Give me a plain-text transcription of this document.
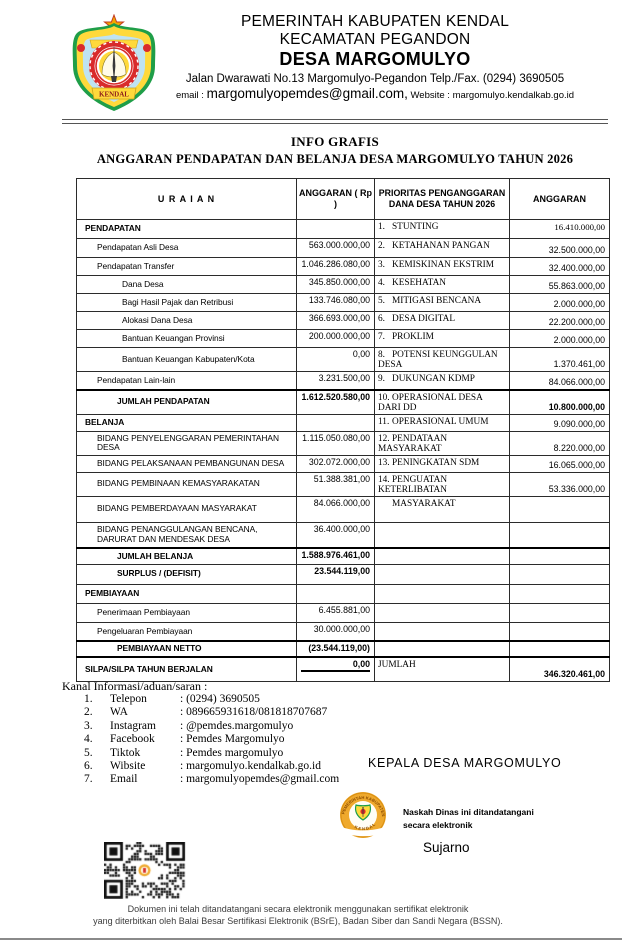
KENDAL
PEMERINTAH KABUPATEN KENDAL
KECAMATAN PEGANDON
DESA MARGOMULYO
Jalan Dwarawati No.13 Margomulyo-Pegandon Telp./Fax. (0294) 3690505
email : margomulyopemdes@gmail.com, Website : margomulyo.kendalkab.go.id
INFO GRAFIS
ANGGARAN PENDAPATAN DAN BELANJA DESA MARGOMULYO TAHUN 2026
U R A I A N	ANGGARAN ( Rp )	PRIORITAS PENGANGGARAN DANA DESA TAHUN 2026	ANGGARAN
PENDAPATAN		1. STUNTING	16.410.000,00
Pendapatan Asli Desa	563.000.000,00	2. KETAHANAN PANGAN	32.500.000,00
Pendapatan Transfer	1.046.286.080,00	3. KEMISKINAN EKSTRIM	32.400.000,00
Dana Desa	345.850.000,00	4. KESEHATAN	55.863.000,00
Bagi Hasil Pajak dan Retribusi	133.746.080,00	5. MITIGASI BENCANA	2.000.000,00
Alokasi Dana Desa	366.693.000,00	6. DESA DIGITAL	22.200.000,00
Bantuan Keuangan Provinsi	200.000.000,00	7. PROKLIM	2.000.000,00
Bantuan Keuangan Kabupaten/Kota	0,00	8. POTENSI KEUNGGULAN DESA	1.370.461,00
Pendapatan Lain-lain	3.231.500,00	9. DUKUNGAN KDMP	84.066.000,00
JUMLAH PENDAPATAN	1.612.520.580,00	10. OPERASIONAL DESA DARI DD	10.800.000,00
BELANJA		11. OPERASIONAL UMUM	9.090.000,00
BIDANG PENYELENGGARAN PEMERINTAHAN DESA	1.115.050.080,00	12. PENDATAAN MASYARAKAT	8.220.000,00
BIDANG PELAKSANAAN PEMBANGUNAN DESA	302.072.000,00	13. PENINGKATAN SDM	16.065.000,00
BIDANG PEMBINAAN KEMASYARAKATAN	51.388.381,00	14. PENGUATAN KETERLIBATAN	53.336.000,00
BIDANG PEMBERDAYAAN MASYARAKAT	84.066.000,00	MASYARAKAT	
BIDANG PENANGGULANGAN BENCANA, DARURAT DAN MENDESAK DESA	36.400.000,00		
JUMLAH BELANJA	1.588.976.461,00		
SURPLUS / (DEFISIT)	23.544.119,00		
PEMBIAYAAN			
Penerimaan Pembiayaan	6.455.881,00		
Pengeluaran Pembiayaan	30.000.000,00		
PEMBIAYAAN NETTO	(23.544.119,00)		
SILPA/SILPA TAHUN BERJALAN	0,00	JUMLAH	346.320.461,00
Kanal Informasi/aduan/saran :
1.	Telepon	: (0294) 3690505
2.	WA	: 089665931618/081818707687
3.	Instagram	: @pemdes.margomulyo
4.	Facebook	: Pemdes Margomulyo
5.	Tiktok	: Pemdes margomulyo
6.	Wibsite	: margomulyo.kendalkab.go.id
7.	Email	: margomulyopemdes@gmail.com
KEPALA DESA MARGOMULYO
PEMERINTAH KABUPATEN
K E N D A L
Naskah Dinas ini ditandatangani
secara elektronik
Sujarno
Dokumen ini telah ditandatangani secara elektronik menggunakan sertifikat elektronik
yang diterbitkan oleh Balai Besar Sertifikasi Elektronik (BSrE), Badan Siber dan Sandi Negara (BSSN).
